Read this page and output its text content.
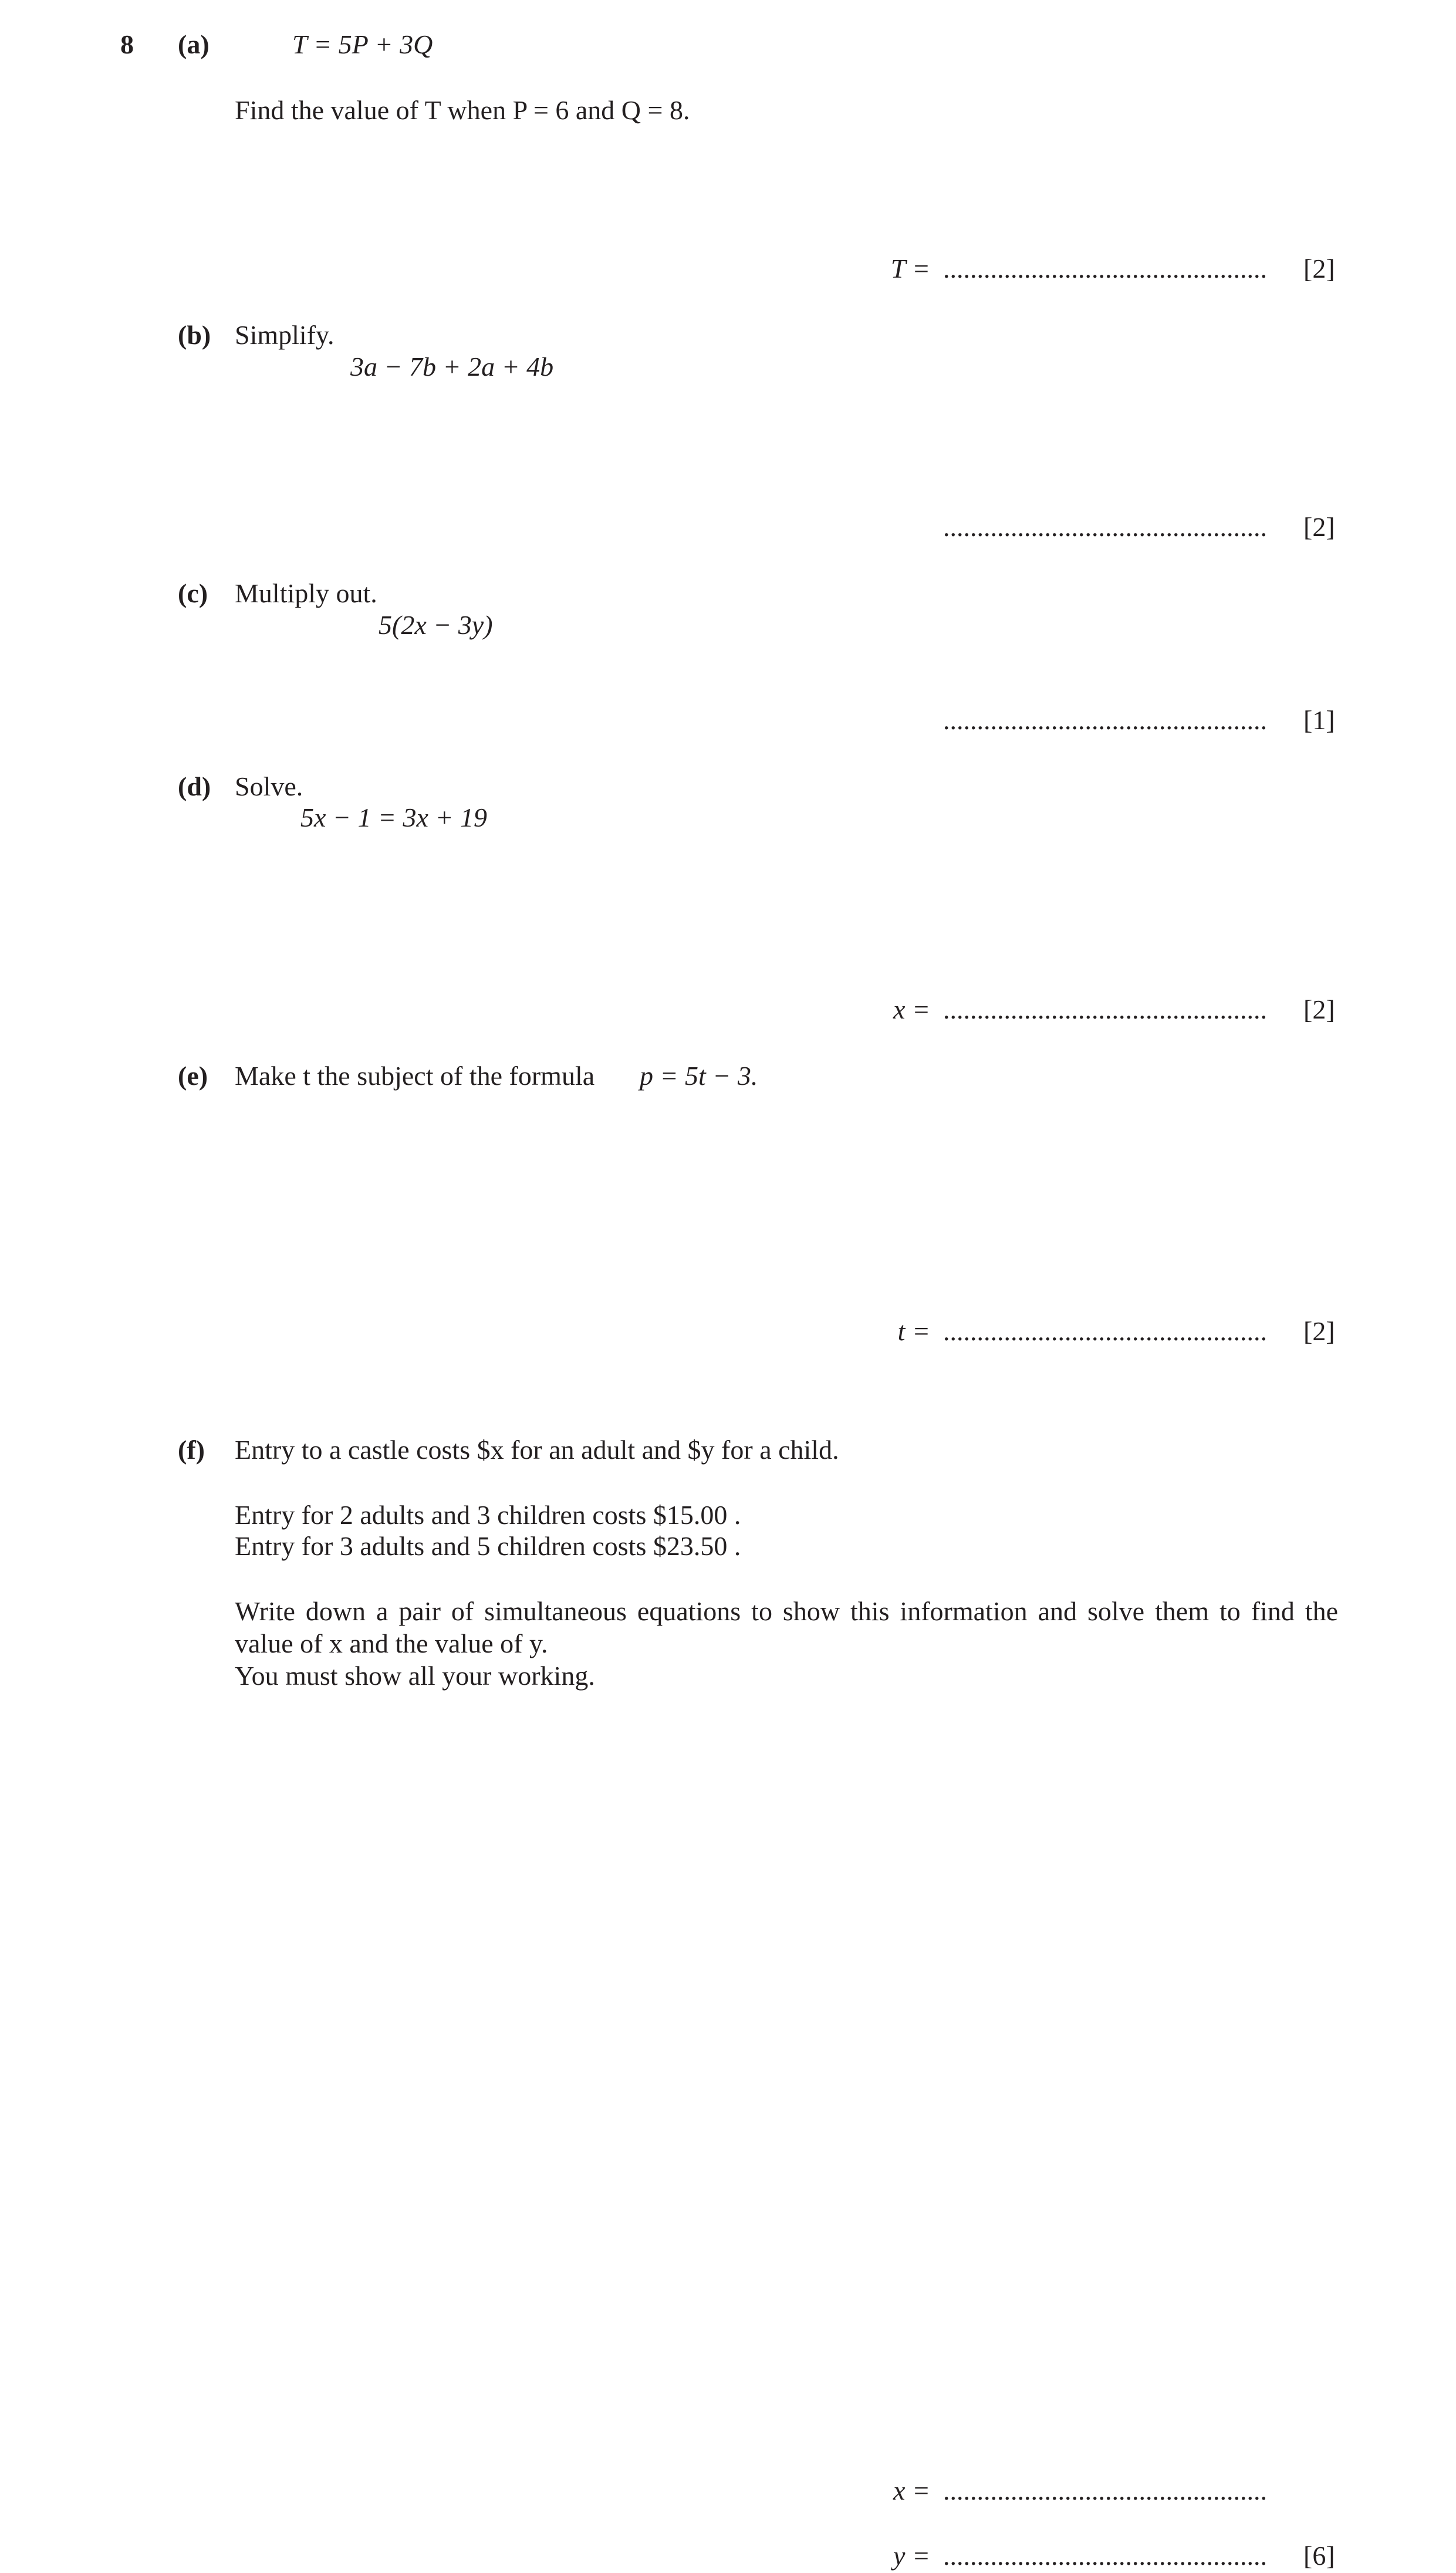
8 (a)	T = 5P + 3Q
Find the value of T when P = 6 and Q = 8.
T = ................................................	[2]
(b) Simplify.
3a − 7b + 2a + 4b
................................................	[2]
(c) Multiply out.
5(2x − 3y)
................................................	[1]
(d) Solve.
5x − 1 = 3x + 19
x = ................................................	[2]
(e) Make t the subject of the formula p = 5t − 3.
t = ................................................	[2]
(f) Entry to a castle costs $x for an adult and $y for a child.
Entry for 2 adults and 3 children costs $15.00 .
Entry for 3 adults and 5 children costs $23.50 .
Write down a pair of simultaneous equations to show this information and solve them to find the value of x and the value of y.
You must show all your working.
x = ................................................
y = ................................................	[6]
